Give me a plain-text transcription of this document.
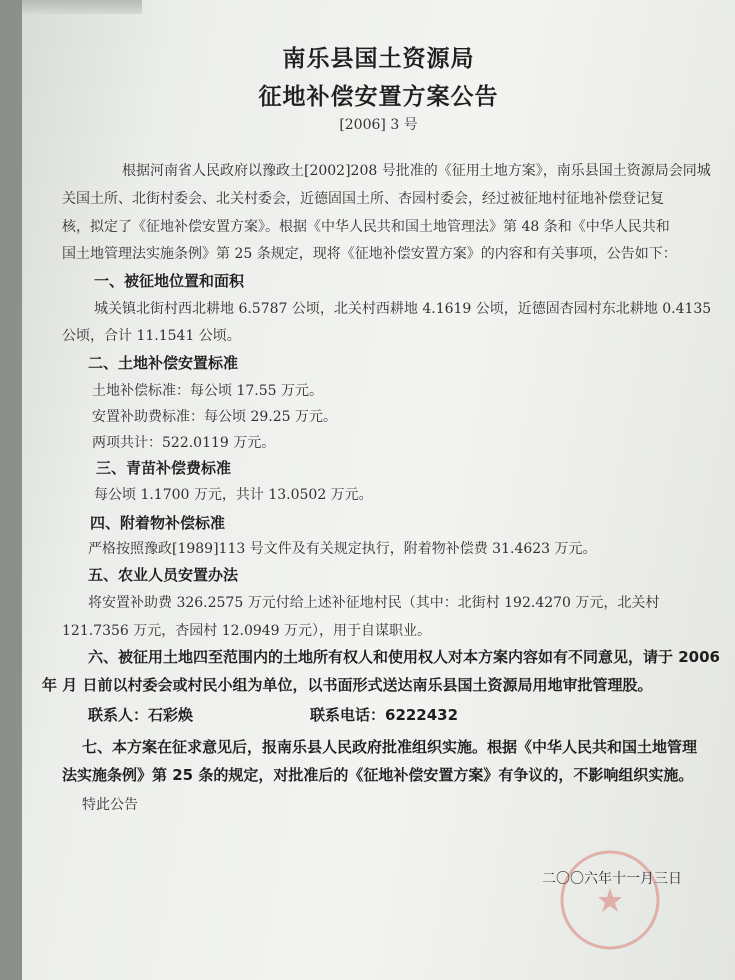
南乐县国土资源局
征地补偿安置方案公告
[2006] 3 号
根据河南省人民政府以豫政土[2002]208 号批准的《征用土地方案》，南乐县国土资源局会同城
关国土所、北街村委会、北关村委会，近德固国土所、杏园村委会，经过被征地村征地补偿登记复
核，拟定了《征地补偿安置方案》。根据《中华人民共和国土地管理法》第 48 条和《中华人民共和
国土地管理法实施条例》第 25 条规定，现将《征地补偿安置方案》的内容和有关事项，公告如下：
一、被征地位置和面积
城关镇北街村西北耕地 6.5787 公顷，北关村西耕地 4.1619 公顷，近德固杏园村东北耕地 0.4135
公顷，合计 11.1541 公顷。
二、土地补偿安置标准
土地补偿标准：每公顷 17.55 万元。
安置补助费标准：每公顷 29.25 万元。
两项共计：522.0119 万元。
三、青苗补偿费标准
每公顷 1.1700 万元，共计 13.0502 万元。
四、附着物补偿标准
严格按照豫政[1989]113 号文件及有关规定执行，附着物补偿费 31.4623 万元。
五、农业人员安置办法
将安置补助费 326.2575 万元付给上述补征地村民（其中：北街村 192.4270 万元，北关村
121.7356 万元，杏园村 12.0949 万元），用于自谋职业。
六、被征用土地四至范围内的土地所有权人和使用权人对本方案内容如有不同意见，请于 2006
年 月 日前以村委会或村民小组为单位，以书面形式送达南乐县国土资源局用地审批管理股。
联系人：石彩焕	联系电话：6222432
七、本方案在征求意见后，报南乐县人民政府批准组织实施。根据《中华人民共和国土地管理
法实施条例》第 25 条的规定，对批准后的《征地补偿安置方案》有争议的，不影响组织实施。
特此公告
二〇〇六年十一月三日
